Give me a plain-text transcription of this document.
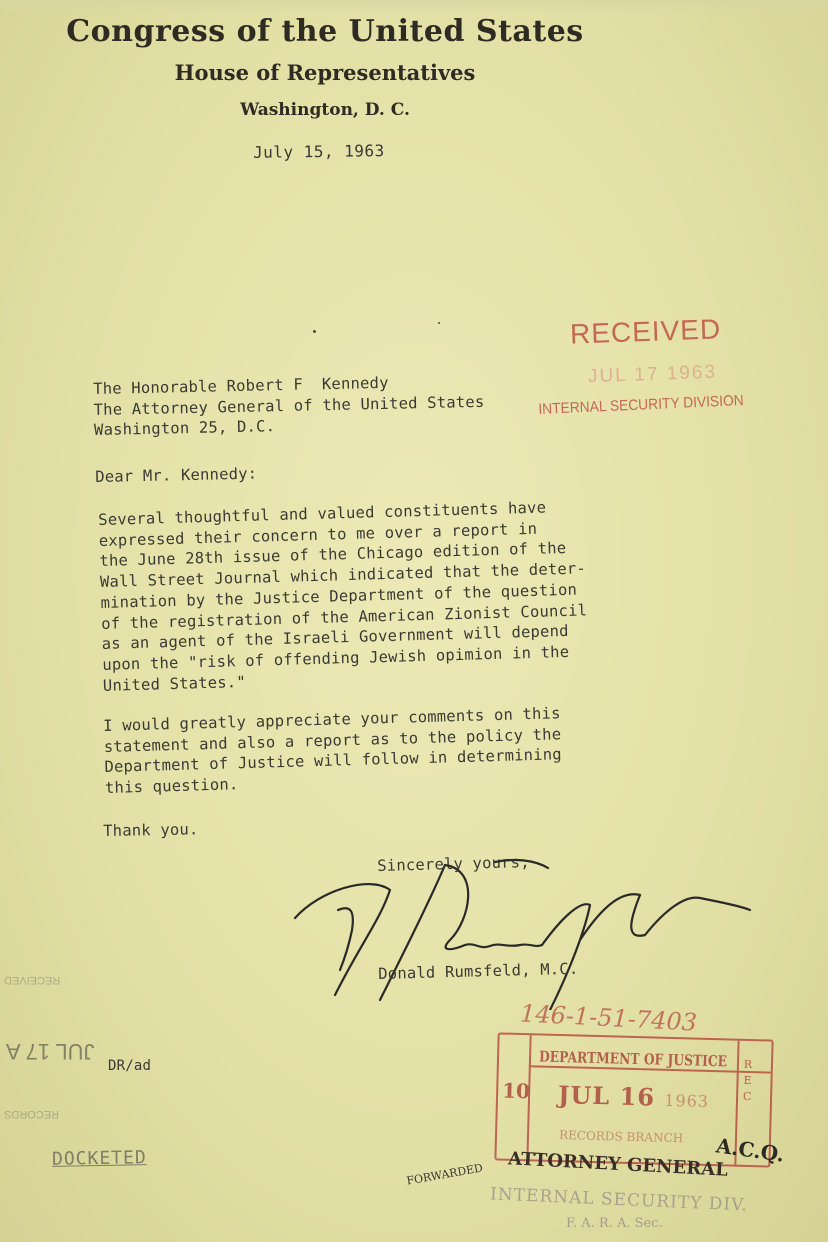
Congress of the United States
House of Representatives
Washington, D. C.
July 15, 1963
RECEIVED
JUL 17 1963
INTERNAL SECURITY DIVISION
The Honorable Robert F  Kennedy
The Attorney General of the United States
Washington 25, D.C.
Dear Mr. Kennedy:
Several thoughtful and valued constituents have
expressed their concern to me over a report in
the June 28th issue of the Chicago edition of the
Wall Street Journal which indicated that the deter-
mination by the Justice Department of the question
of the registration of the American Zionist Council
as an agent of the Israeli Government will depend
upon the "risk of offending Jewish opimion in the
United States."
I would greatly appreciate your comments on this
statement and also a report as to the policy the
Department of Justice will follow in determining
this question.
Thank you.
Sincerely yours,
Donald Rumsfeld, M.C.
DR/ad
RECEIVED
JUL 17 A
RECORDS
DOCKETED
146-1-51-7403
10
DEPARTMENT OF JUSTICE
JUL 16 1963
RECORDS BRANCH
REC
A.C.Q.
FORWARDED ATTORNEY GENERAL
INTERNAL SECURITY DIV.
F. A. R. A. Sec.
